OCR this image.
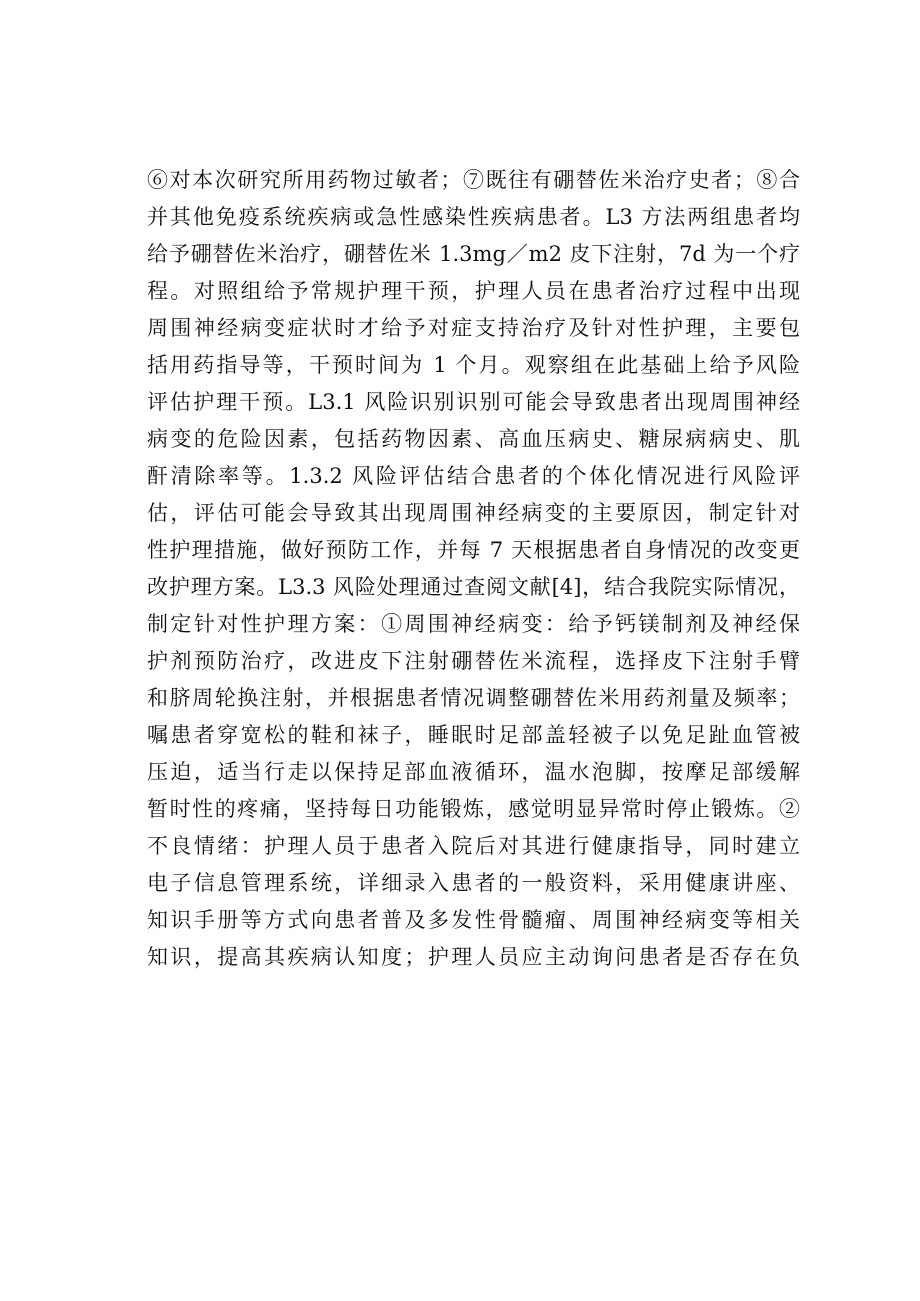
⑥对本次研究所用药物过敏者；⑦既往有硼替佐米治疗史者；⑧合
并其他免疫系统疾病或急性感染性疾病患者。L3 方法两组患者均
给予硼替佐米治疗，硼替佐米 1.3mg／m2 皮下注射，7d 为一个疗
程。对照组给予常规护理干预，护理人员在患者治疗过程中出现
周围神经病变症状时才给予对症支持治疗及针对性护理，主要包
括用药指导等，干预时间为 1 个月。观察组在此基础上给予风险
评估护理干预。L3.1 风险识别识别可能会导致患者出现周围神经
病变的危险因素，包括药物因素、高血压病史、糖尿病病史、肌
酐清除率等。1.3.2 风险评估结合患者的个体化情况进行风险评
估，评估可能会导致其出现周围神经病变的主要原因，制定针对
性护理措施，做好预防工作，并每 7 天根据患者自身情况的改变更
改护理方案。L3.3 风险处理通过查阅文献[4]，结合我院实际情况，
制定针对性护理方案：①周围神经病变：给予钙镁制剂及神经保
护剂预防治疗，改进皮下注射硼替佐米流程，选择皮下注射手臂
和脐周轮换注射，并根据患者情况调整硼替佐米用药剂量及频率；
嘱患者穿宽松的鞋和袜子，睡眠时足部盖轻被子以免足趾血管被
压迫，适当行走以保持足部血液循环，温水泡脚，按摩足部缓解
暂时性的疼痛，坚持每日功能锻炼，感觉明显异常时停止锻炼。②
不良情绪：护理人员于患者入院后对其进行健康指导，同时建立
电子信息管理系统，详细录入患者的一般资料，采用健康讲座、
知识手册等方式向患者普及多发性骨髓瘤、周围神经病变等相关
知识，提高其疾病认知度；护理人员应主动询问患者是否存在负
